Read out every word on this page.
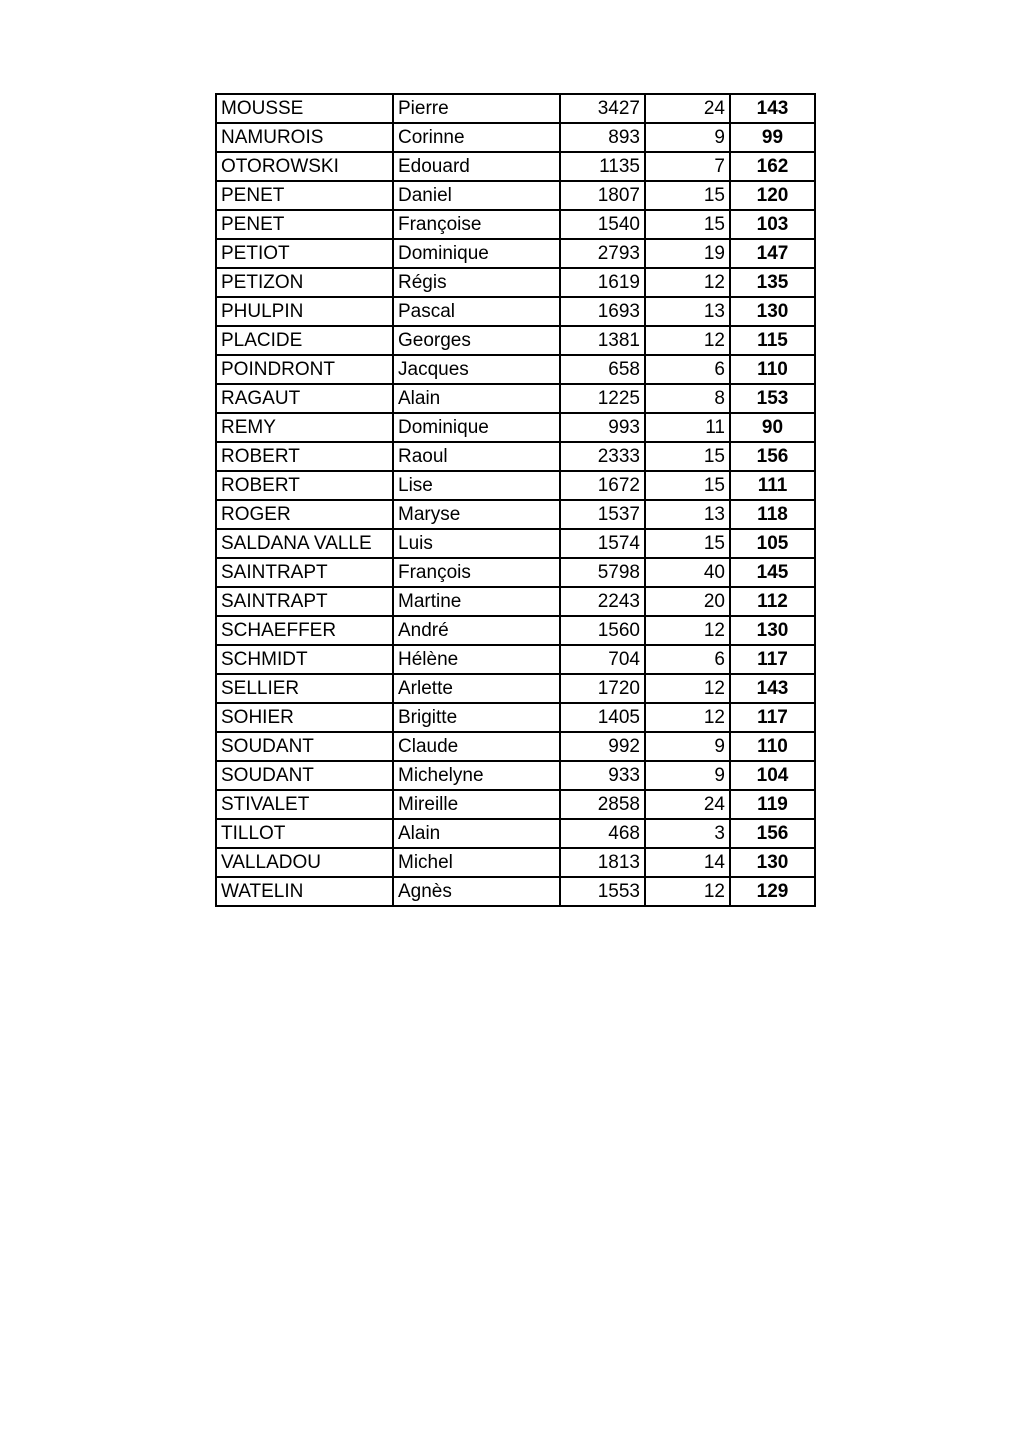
MOUSSE	Pierre	3427	24	143
NAMUROIS	Corinne	893	9	99
OTOROWSKI	Edouard	1135	7	162
PENET	Daniel	1807	15	120
PENET	Françoise	1540	15	103
PETIOT	Dominique	2793	19	147
PETIZON	Régis	1619	12	135
PHULPIN	Pascal	1693	13	130
PLACIDE	Georges	1381	12	115
POINDRONT	Jacques	658	6	110
RAGAUT	Alain	1225	8	153
REMY	Dominique	993	11	90
ROBERT	Raoul	2333	15	156
ROBERT	Lise	1672	15	111
ROGER	Maryse	1537	13	118
SALDANA VALLE	Luis	1574	15	105
SAINTRAPT	François	5798	40	145
SAINTRAPT	Martine	2243	20	112
SCHAEFFER	André	1560	12	130
SCHMIDT	Hélène	704	6	117
SELLIER	Arlette	1720	12	143
SOHIER	Brigitte	1405	12	117
SOUDANT	Claude	992	9	110
SOUDANT	Michelyne	933	9	104
STIVALET	Mireille	2858	24	119
TILLOT	Alain	468	3	156
VALLADOU	Michel	1813	14	130
WATELIN	Agnès	1553	12	129
